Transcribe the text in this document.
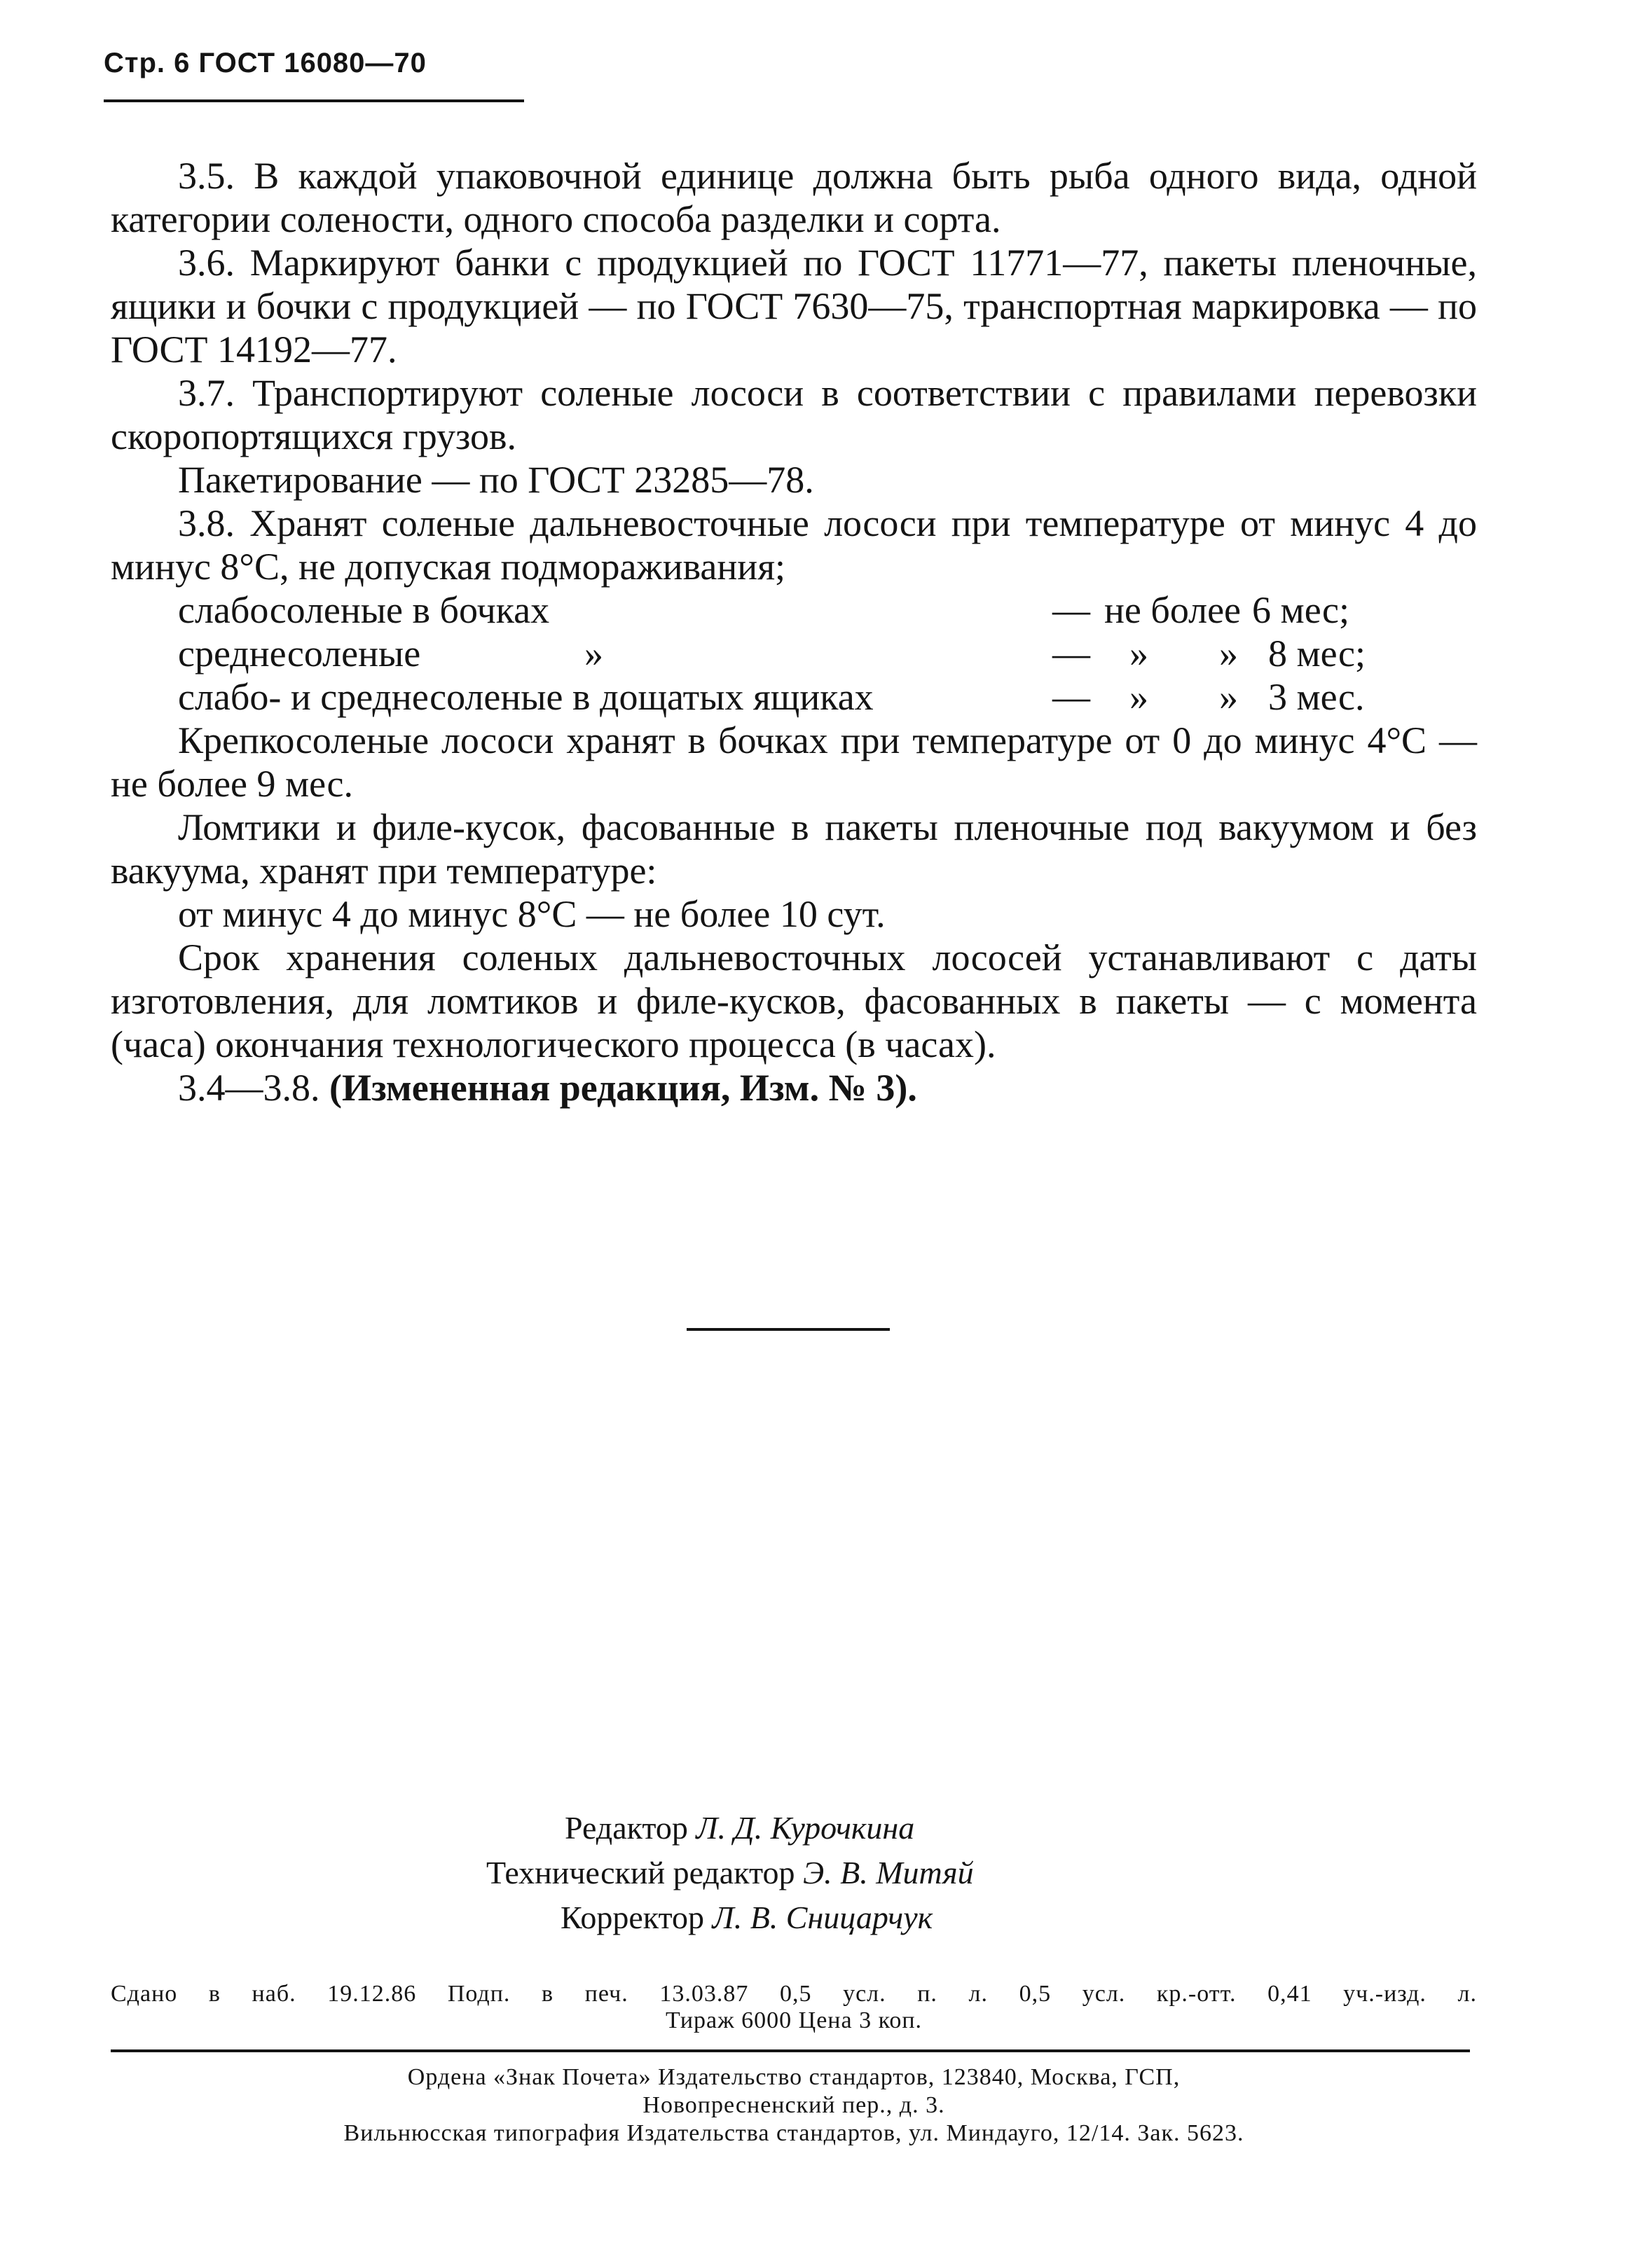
Стр. 6 ГОСТ 16080—70

3.5. В каждой упаковочной единице должна быть рыба одного вида, одной категории солености, одного способа разделки и сорта.

3.6. Маркируют банки с продукцией по ГОСТ 11771—77, пакеты пленочные, ящики и бочки с продукцией — по ГОСТ 7630—75, транспортная маркировка — по ГОСТ 14192—77.

3.7. Транспортируют соленые лососи в соответствии с правилами перевозки скоропортящихся грузов.

Пакетирование — по ГОСТ 23285—78.

3.8. Хранят соленые дальневосточные лососи при температуре от минус 4 до минус 8°С, не допуская подмораживания;

слабосоленые в бочках	— не более 6 мес;
среднесоленые	»	—	»	» 8 мес;
слабо- и среднесоленые в дощатых ящиках	—	»	» 3 мес.

Крепкосоленые лососи хранят в бочках при температуре от 0 до минус 4°С — не более 9 мес.

Ломтики и филе-кусок, фасованные в пакеты пленочные под вакуумом и без вакуума, хранят при температуре:

от минус 4 до минус 8°С — не более 10 сут.

Срок хранения соленых дальневосточных лососей устанавливают с даты изготовления, для ломтиков и филе-кусков, фасованных в пакеты — с момента (часа) окончания технологического процесса (в часах).

3.4—3.8. (Измененная редакция, Изм. № 3).

Редактор Л. Д. Курочкина
Технический редактор Э. В. Митяй
Корректор Л. В. Сницарчук
Сдано в наб. 19.12.86 Подп. в печ. 13.03.87 0,5 усл. п. л. 0,5 усл. кр.-отт. 0,41 уч.-изд. л.
Тираж 6000 Цена 3 коп.
Ордена «Знак Почета» Издательство стандартов, 123840, Москва, ГСП,
Новопресненский пер., д. 3.
Вильнюсская типография Издательства стандартов, ул. Миндауго, 12/14. Зак. 5623.
